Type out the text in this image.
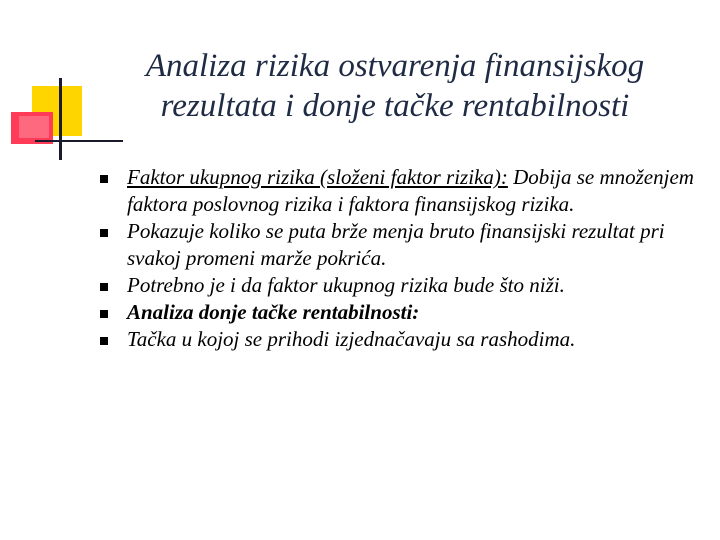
Analiza rizika ostvarenja finansijskog
rezultata i donje tačke rentabilnosti
Faktor ukupnog rizika (složeni faktor rizika): Dobija se množenjem faktora poslovnog rizika i faktora finansijskog rizika.
Pokazuje koliko se puta brže menja bruto finansijski rezultat pri svakoj promeni marže pokrića.
Potrebno je i da faktor ukupnog rizika bude što niži.
Analiza donje tačke rentabilnosti:
Tačka u kojoj se prihodi izjednačavaju sa rashodima.
